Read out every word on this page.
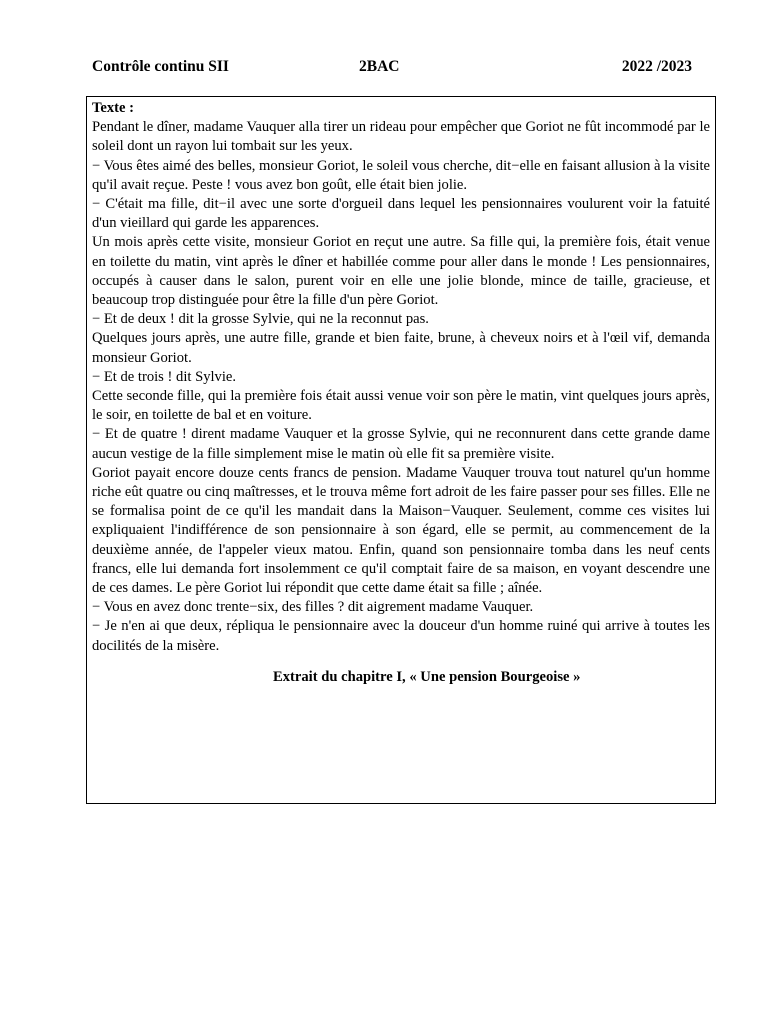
Contrôle continu SII	2BAC	2022 /2023
Texte :

Pendant le dîner, madame Vauquer alla tirer un rideau pour empêcher que Goriot ne fût incommodé par le soleil dont un rayon lui tombait sur les yeux.

− Vous êtes aimé des belles, monsieur Goriot, le soleil vous cherche, dit−elle en faisant allusion à la visite qu'il avait reçue. Peste ! vous avez bon goût, elle était bien jolie.

− C'était ma fille, dit−il avec une sorte d'orgueil dans lequel les pensionnaires voulurent voir la fatuité d'un vieillard qui garde les apparences.

Un mois après cette visite, monsieur Goriot en reçut une autre. Sa fille qui, la première fois, était venue en toilette du matin, vint après le dîner et habillée comme pour aller dans le monde ! Les pensionnaires, occupés à causer dans le salon, purent voir en elle une jolie blonde, mince de taille, gracieuse, et beaucoup trop distinguée pour être la fille d'un père Goriot.

− Et de deux ! dit la grosse Sylvie, qui ne la reconnut pas.

Quelques jours après, une autre fille, grande et bien faite, brune, à cheveux noirs et à l'œil vif, demanda monsieur Goriot.

− Et de trois ! dit Sylvie.

Cette seconde fille, qui la première fois était aussi venue voir son père le matin, vint quelques jours après, le soir, en toilette de bal et en voiture.

− Et de quatre ! dirent madame Vauquer et la grosse Sylvie, qui ne reconnurent dans cette grande dame aucun vestige de la fille simplement mise le matin où elle fit sa première visite.

Goriot payait encore douze cents francs de pension. Madame Vauquer trouva tout naturel qu'un homme riche eût quatre ou cinq maîtresses, et le trouva même fort adroit de les faire passer pour ses filles. Elle ne se formalisa point de ce qu'il les mandait dans la Maison−Vauquer. Seulement, comme ces visites lui expliquaient l'indifférence de son pensionnaire à son égard, elle se permit, au commencement de la deuxième année, de l'appeler vieux matou. Enfin, quand son pensionnaire tomba dans les neuf cents francs, elle lui demanda fort insolemment ce qu'il comptait faire de sa maison, en voyant descendre une de ces dames. Le père Goriot lui répondit que cette dame était sa fille ; aînée.

− Vous en avez donc trente−six, des filles ? dit aigrement madame Vauquer.

− Je n'en ai que deux, répliqua le pensionnaire avec la douceur d'un homme ruiné qui arrive à toutes les docilités de la misère.

Extrait du chapitre I, « Une pension Bourgeoise »
